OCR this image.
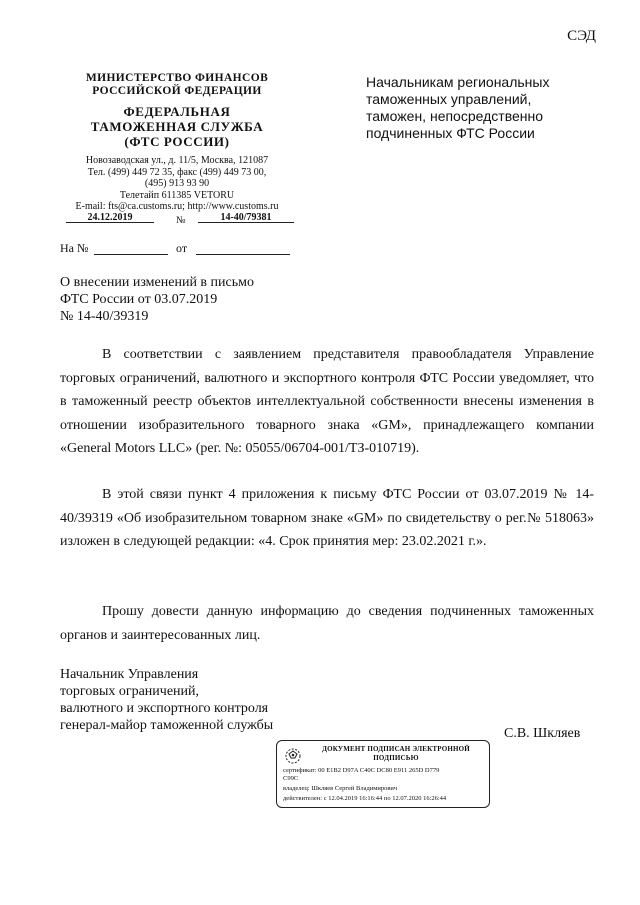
СЭД
МИНИСТЕРСТВО ФИНАНСОВ
РОССИЙСКОЙ ФЕДЕРАЦИИ
ФЕДЕРАЛЬНАЯ
ТАМОЖЕННАЯ СЛУЖБА
(ФТС РОССИИ)
Новозаводская ул., д. 11/5, Москва, 121087
Тел. (499) 449 72 35, факс (499) 449 73 00,
(495) 913 93 90
Телетайп 611385 VETORU
E-mail: fts@ca.customs.ru; http://www.customs.ru
24.12.2019	№	14-40/79381
На №	от
Начальникам региональных
таможенных управлений,
таможен, непосредственно
подчиненных ФТС России
О внесении изменений в письмо
ФТС России от 03.07.2019
№ 14-40/39319
В соответствии с заявлением представителя правообладателя Управление торговых ограничений, валютного и экспортного контроля ФТС России уведомляет, что в таможенный реестр объектов интеллектуальной собственности внесены изменения в отношении изобразительного товарного знака «GM», принадлежащего компании «General Motors LLC» (рег. №: 05055/06704-001/ТЗ-010719).
В этой связи пункт 4 приложения к письму ФТС России от 03.07.2019 № 14-40/39319 «Об изобразительном товарном знаке «GM» по свидетельству о рег.№ 518063» изложен в следующей редакции: «4. Срок принятия мер: 23.02.2021 г.».
Прошу довести данную информацию до сведения подчиненных таможенных органов и заинтересованных лиц.
Начальник Управления
торговых ограничений,
валютного и экспортного контроля
генерал-майор таможенной службы
С.В. Шкляев
ДОКУМЕНТ ПОДПИСАН ЭЛЕКТРОННОЙ
ПОДПИСЬЮ
сертификат: 00 E1B2 D97A C40C DC80 E911 265D D779
C99C
владелец: Шкляев Сергей Владимирович
действителен: с 12.04.2019 16:16:44 по 12.07.2020 16:26:44
